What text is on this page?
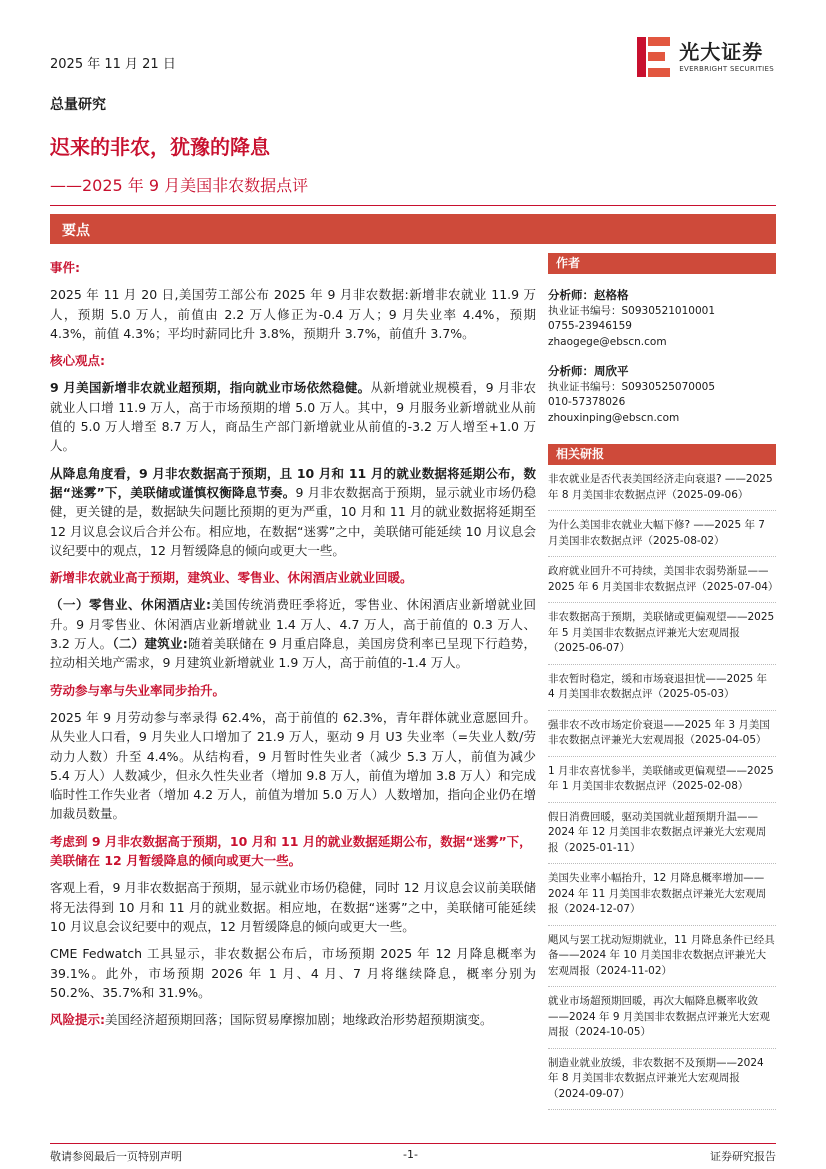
2025 年 11 月 21 日
光大证券
EVERBRIGHT SECURITIES
总量研究
迟来的非农，犹豫的降息
——2025 年 9 月美国非农数据点评
要点
事件:

2025 年 11 月 20 日,美国劳工部公布 2025 年 9 月非农数据:新增非农就业 11.9 万人，预期 5.0 万人，前值由 2.2 万人修正为-0.4 万人；9 月失业率 4.4%，预期 4.3%，前值 4.3%；平均时薪同比升 3.8%，预期升 3.7%，前值升 3.7%。

核心观点:

9 月美国新增非农就业超预期，指向就业市场依然稳健。从新增就业规模看，9 月非农就业人口增 11.9 万人，高于市场预期的增 5.0 万人。其中，9 月服务业新增就业从前值的 5.0 万人增至 8.7 万人，商品生产部门新增就业从前值的-3.2 万人增至+1.0 万人。

从降息角度看，9 月非农数据高于预期，且 10 月和 11 月的就业数据将延期公布，数据“迷雾”下，美联储或谨慎权衡降息节奏。9 月非农数据高于预期，显示就业市场仍稳健，更关键的是，数据缺失问题比预期的更为严重，10 月和 11 月的就业数据将延期至 12 月议息会议后合并公布。相应地，在数据“迷雾”之中，美联储可能延续 10 月议息会议纪要中的观点，12 月暂缓降息的倾向或更大一些。

新增非农就业高于预期，建筑业、零售业、休闲酒店业就业回暖。

（一）零售业、休闲酒店业:美国传统消费旺季将近，零售业、休闲酒店业新增就业回升。9 月零售业、休闲酒店业新增就业 1.4 万人、4.7 万人，高于前值的 0.3 万人、3.2 万人。（二）建筑业:随着美联储在 9 月重启降息，美国房贷利率已呈现下行趋势，拉动相关地产需求，9 月建筑业新增就业 1.9 万人，高于前值的-1.4 万人。

劳动参与率与失业率同步抬升。

2025 年 9 月劳动参与率录得 62.4%，高于前值的 62.3%，青年群体就业意愿回升。从失业人口看，9 月失业人口增加了 21.9 万人，驱动 9 月 U3 失业率（=失业人数/劳动力人数）升至 4.4%。从结构看，9 月暂时性失业者（减少 5.3 万人，前值为减少 5.4 万人）人数减少，但永久性失业者（增加 9.8 万人，前值为增加 3.8 万人）和完成临时性工作失业者（增加 4.2 万人，前值为增加 5.0 万人）人数增加，指向企业仍在增加裁员数量。

考虑到 9 月非农数据高于预期，10 月和 11 月的就业数据延期公布，数据“迷雾”下，美联储在 12 月暂缓降息的倾向或更大一些。

客观上看，9 月非农数据高于预期，显示就业市场仍稳健，同时 12 月议息会议前美联储将无法得到 10 月和 11 月的就业数据。相应地，在数据“迷雾”之中，美联储可能延续 10 月议息会议纪要中的观点，12 月暂缓降息的倾向或更大一些。

CME Fedwatch 工具显示，非农数据公布后，市场预期 2025 年 12 月降息概率为 39.1%。此外，市场预期 2026 年 1 月、4 月、7 月将继续降息，概率分别为 50.2%、35.7%和 31.9%。

风险提示:美国经济超预期回落；国际贸易摩擦加剧；地缘政治形势超预期演变。

作者
分析师：赵格格
执业证书编号：S0930521010001
0755-23946159
zhaogege@ebscn.com
分析师：周欣平
执业证书编号：S0930525070005
010-57378026
zhouxinping@ebscn.com
相关研报
非农就业是否代表美国经济走向衰退? ——2025 年 8 月美国非农数据点评（2025-09-06）
为什么美国非农就业大幅下修? ——2025 年 7 月美国非农数据点评（2025-08-02）
政府就业回升不可持续，美国非农弱势渐显——2025 年 6 月美国非农数据点评（2025-07-04）
非农数据高于预期，美联储或更偏观望——2025 年 5 月美国非农数据点评兼光大宏观周报（2025-06-07）
非农暂时稳定，缓和市场衰退担忧——2025 年 4 月美国非农数据点评（2025-05-03）
强非农不改市场定价衰退——2025 年 3 月美国非农数据点评兼光大宏观周报（2025-04-05）
1 月非农喜忧参半，美联储或更偏观望——2025 年 1 月美国非农数据点评（2025-02-08）
假日消费回暖，驱动美国就业超预期升温——2024 年 12 月美国非农数据点评兼光大宏观周报（2025-01-11）
美国失业率小幅抬升，12 月降息概率增加——2024 年 11 月美国非农数据点评兼光大宏观周报（2024-12-07）
飓风与罢工扰动短期就业，11 月降息条件已经具备——2024 年 10 月美国非农数据点评兼光大宏观周报（2024-11-02）
就业市场超预期回暖，再次大幅降息概率收敛——2024 年 9 月美国非农数据点评兼光大宏观周报（2024-10-05）
制造业就业放缓，非农数据不及预期——2024 年 8 月美国非农数据点评兼光大宏观周报（2024-09-07）
敬请参阅最后一页特别声明	-1-	证券研究报告
